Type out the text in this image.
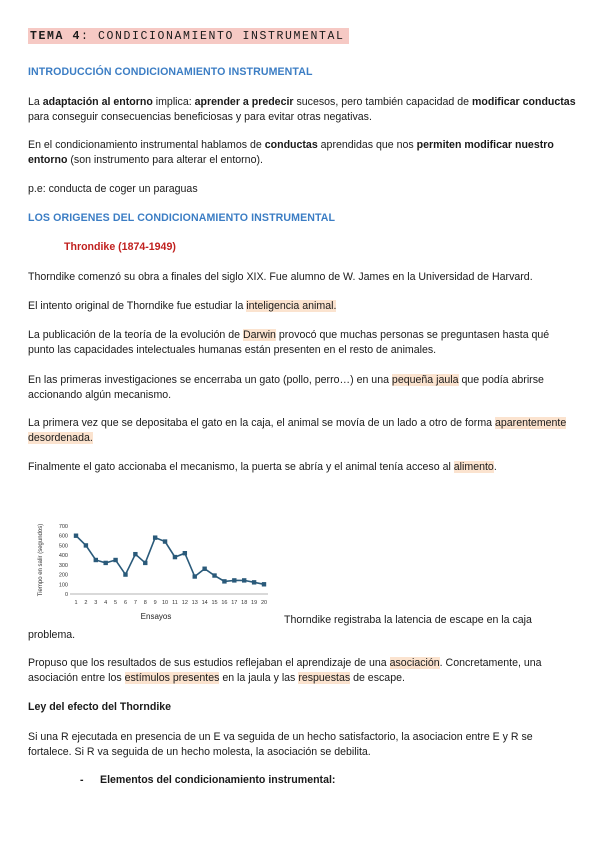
TEMA 4: CONDICIONAMIENTO INSTRUMENTAL
INTRODUCCIÓN CONDICIONAMIENTO INSTRUMENTAL
La adaptación al entorno implica: aprender a predecir sucesos, pero también capacidad de modificar conductas para conseguir consecuencias beneficiosas y para evitar otras negativas.
En el condicionamiento instrumental hablamos de conductas aprendidas que nos permiten modificar nuestro entorno (son instrumento para alterar el entorno).
p.e: conducta de coger un paraguas
LOS ORIGENES DEL CONDICIONAMIENTO INSTRUMENTAL
Throndike (1874-1949)
Thorndike comenzó su obra a finales del siglo XIX. Fue alumno de W. James en la Universidad de Harvard.
El intento original de Thorndike fue estudiar la inteligencia animal.
La publicación de la teoría de la evolución de Darwin provocó que muchas personas se preguntasen hasta qué punto las capacidades intelectuales humanas están presenten en el resto de animales.
En las primeras investigaciones se encerraba un gato (pollo, perro…) en una pequeña jaula que podía abrirse accionando algún mecanismo.
La primera vez que se depositaba el gato en la caja, el animal se movía de un lado a otro de forma aparentemente desordenada.
Finalmente el gato accionaba el mecanismo, la puerta se abría y el animal tenía acceso al alimento.
0
100
200
300
400
500
600
700
1 2 3 4 5 6 7 8 9 10 11 12 13 14 15 16 17 18 19 20
Tiempo en salir (segundos)
Ensayos	Thorndike registraba la latencia de escape en la caja
problema.
Propuso que los resultados de sus estudios reflejaban el aprendizaje de una asociación. Concretamente, una asociación entre los estímulos presentes en la jaula y las respuestas de escape.
Ley del efecto del Thorndike
Si una R ejecutada en presencia de un E va seguida de un hecho satisfactorio, la asociacion entre E y R se fortalece. Si R va seguida de un hecho molesta, la asociación se debilita.
- Elementos del condicionamiento instrumental:
